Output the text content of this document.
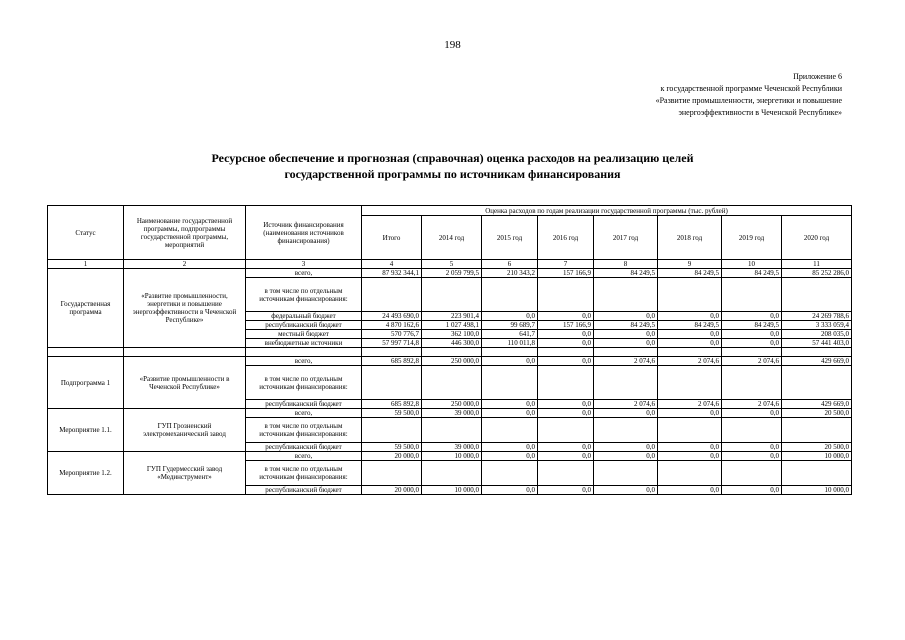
198
Приложение 6
к государственной программе Чеченской Республики
«Развитие промышленности, энергетики и повышение
энергоэффективности в Чеченской Республике»
Ресурсное обеспечение и прогнозная (справочная) оценка расходов на реализацию целей
государственной программы по источникам финансирования
Статус	Наименование государственной программы, подпрограммы государственной программы, мероприятий	Источник финансирования (наименования источников финансирования)	Оценка расходов по годам реализации государственной программы (тыс. рублей)							
			Итого	2014 год	2015 год	2016 год	2017 год	2018 год	2019 год	2020 год
1	2	3	4	5	6	7	8	9	10	11
Государственная программа	«Развитие промышленности, энергетики и повышение энергоэффективности в Чеченской Республике»	всего,	87 932 344,1	2 059 799,5	210 343,2	157 166,9	84 249,5	84 249,5	84 249,5	85 252 286,0
		в том числе по отдельным источникам финансирования:								
		федеральный бюджет	24 493 690,0	223 901,4	0,0	0,0	0,0	0,0	0,0	24 269 788,6
		республиканский бюджет	4 870 162,6	1 027 498,1	99 689,7	157 166,9	84 249,5	84 249,5	84 249,5	3 333 059,4
		местный бюджет	570 776,7	362 100,0	641,7	0,0	0,0	0,0	0,0	208 035,0
		внебюджетные источники	57 997 714,8	446 300,0	110 011,8	0,0	0,0	0,0	0,0	57 441 403,0

Подпрограмма 1	«Развитие промышленности в Чеченской Республике»	всего,	685 892,8	250 000,0	0,0	0,0	2 074,6	2 074,6	2 074,6	429 669,0
		в том числе по отдельным источникам финансирования:								
		республиканский бюджет	685 892,8	250 000,0	0,0	0,0	2 074,6	2 074,6	2 074,6	429 669,0
Мероприятие 1.1.	ГУП Грозненский электромеханический завод	всего,	59 500,0	39 000,0	0,0	0,0	0,0	0,0	0,0	20 500,0
		в том числе по отдельным источникам финансирования:								
		республиканский бюджет	59 500,0	39 000,0	0,0	0,0	0,0	0,0	0,0	20 500,0
Мероприятие 1.2.	ГУП Гудермесский завод «Мединструмент»	всего,	20 000,0	10 000,0	0,0	0,0	0,0	0,0	0,0	10 000,0
		в том числе по отдельным источникам финансирования:								
		республиканский бюджет	20 000,0	10 000,0	0,0	0,0	0,0	0,0	0,0	10 000,0
